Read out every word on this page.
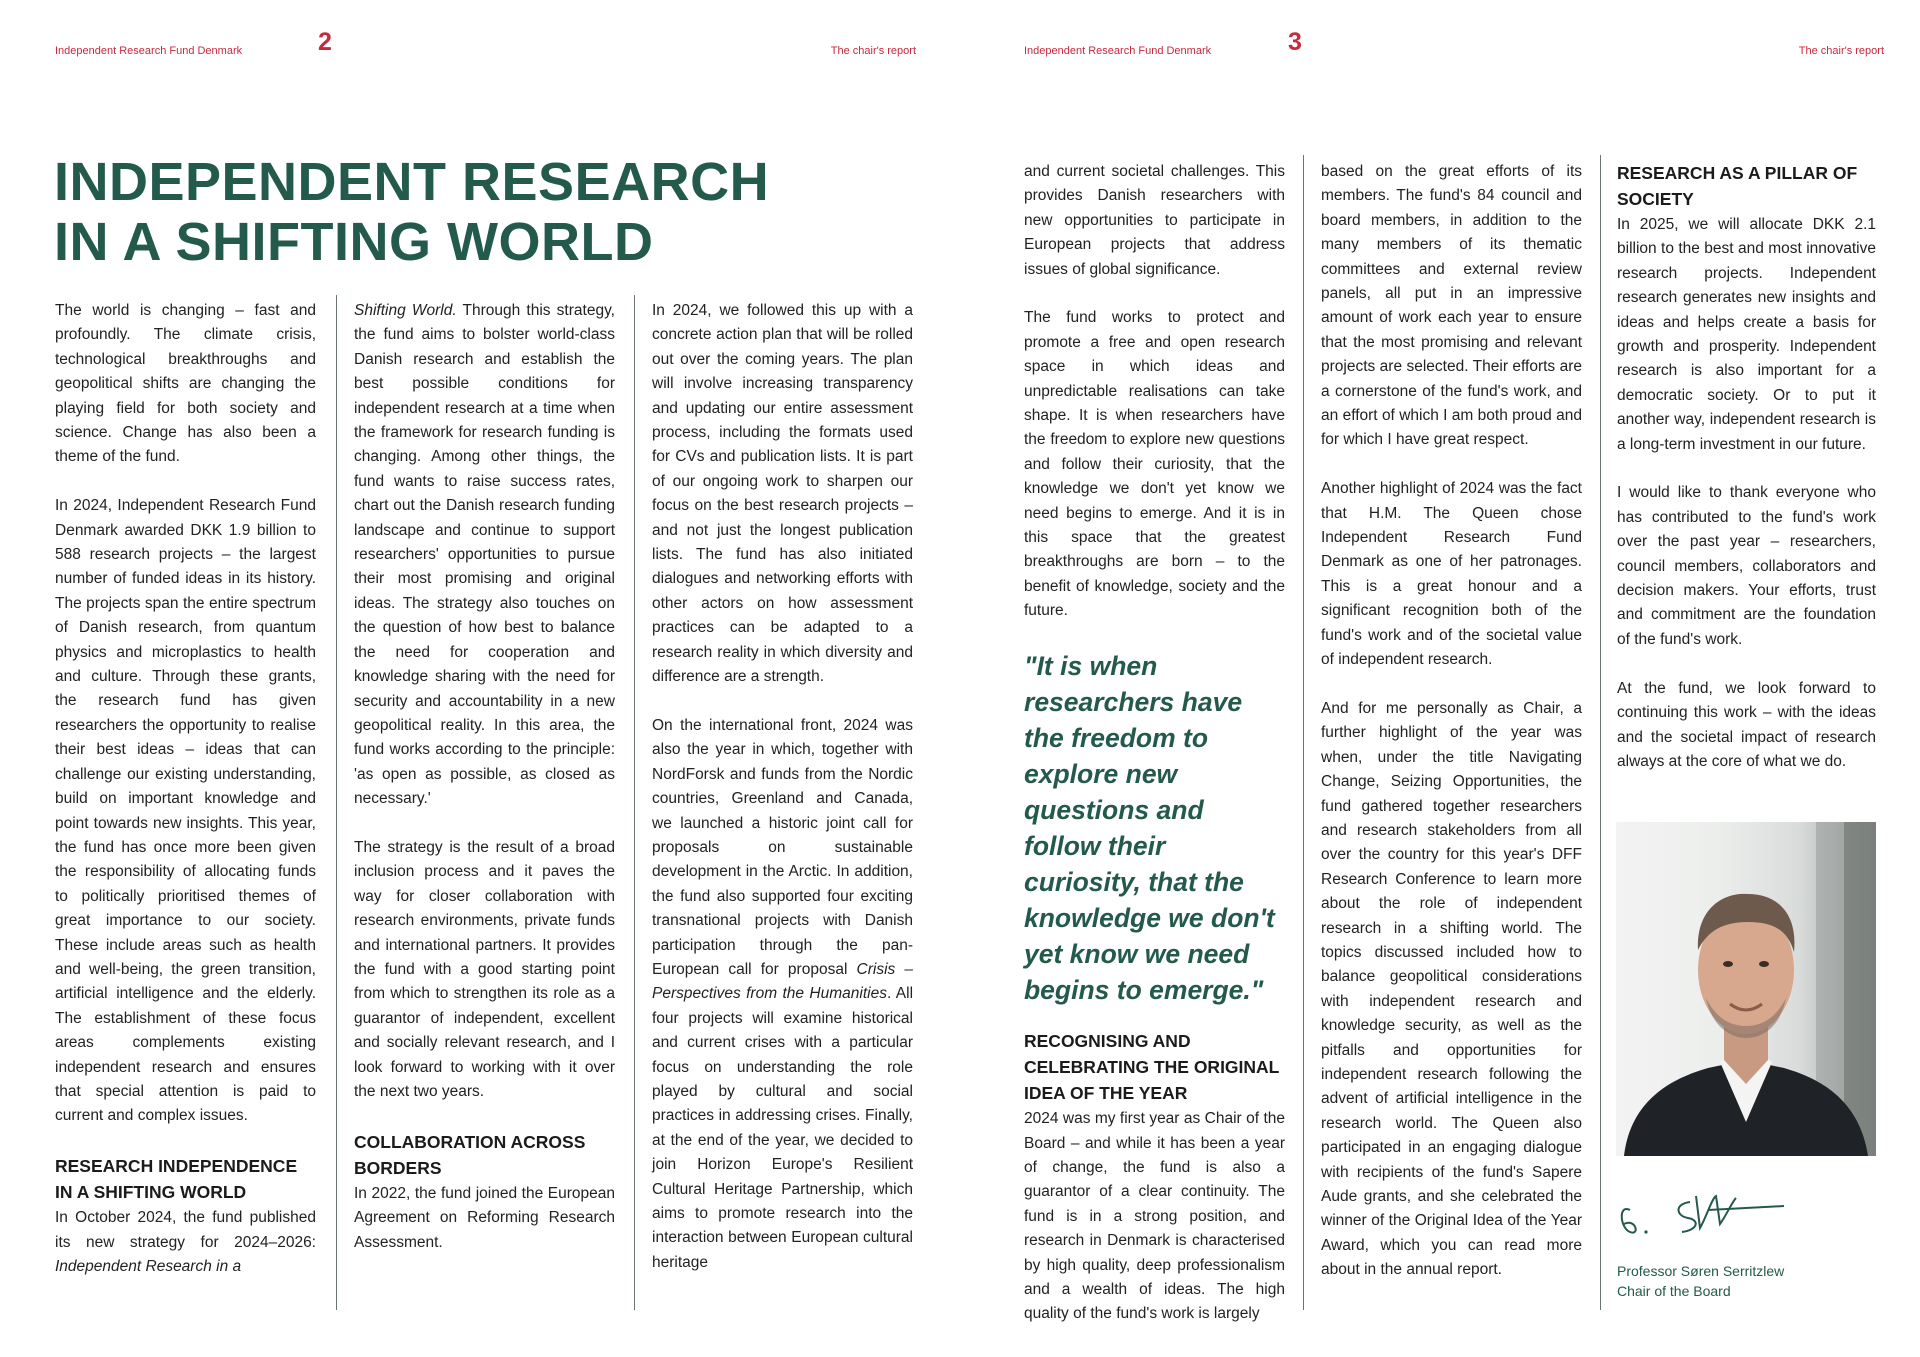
Independent Research Fund Denmark	2	The chair's report
INDEPENDENT RESEARCH
IN A SHIFTING WORLD

The world is changing – fast and profoundly. The climate crisis, technological breakthroughs and geopolitical shifts are changing the playing field for both society and science. Change has also been a theme of the fund.

In 2024, Independent Research Fund Denmark awarded DKK 1.9 billion to 588 research projects – the largest number of funded ideas in its history. The projects span the entire spectrum of Danish research, from quantum physics and microplastics to health and culture. Through these grants, the research fund has given researchers the opportunity to realise their best ideas – ideas that can challenge our existing understanding, build on important knowledge and point towards new insights. This year, the fund has once more been given the responsibility of allocating funds to politically prioritised themes of great importance to our society. These include areas such as health and well-being, the green transition, artificial intelligence and the elderly. The establishment of these focus areas complements existing independent research and ensures that special attention is paid to current and complex issues.

RESEARCH INDEPENDENCE IN A SHIFTING WORLD

In October 2024, the fund published its new strategy for 2024–2026: Independent Research in a

Shifting World. Through this strategy, the fund aims to bolster world-class Danish research and establish the best possible conditions for independent research at a time when the framework for research funding is changing. Among other things, the fund wants to raise success rates, chart out the Danish research funding landscape and continue to support researchers' opportunities to pursue their most promising and original ideas. The strategy also touches on the question of how best to balance the need for cooperation and knowledge sharing with the need for security and accountability in a new geopolitical reality. In this area, the fund works according to the principle: 'as open as possible, as closed as necessary.'

The strategy is the result of a broad inclusion process and it paves the way for closer collaboration with research environments, private funds and international partners. It provides the fund with a good starting point from which to strengthen its role as a guarantor of independent, excellent and socially relevant research, and I look forward to working with it over the next two years.

COLLABORATION ACROSS BORDERS

In 2022, the fund joined the European Agreement on Reforming Research Assessment.

In 2024, we followed this up with a concrete action plan that will be rolled out over the coming years. The plan will involve increasing transparency and updating our entire assessment process, including the formats used for CVs and publication lists. It is part of our ongoing work to sharpen our focus on the best research projects – and not just the longest publication lists. The fund has also initiated dialogues and networking efforts with other actors on how assessment practices can be adapted to a research reality in which diversity and difference are a strength.

On the international front, 2024 was also the year in which, together with NordForsk and funds from the Nordic countries, Greenland and Canada, we launched a historic joint call for proposals on sustainable development in the Arctic. In addition, the fund also supported four exciting transnational projects with Danish participation through the pan-European call for proposal Crisis – Perspectives from the Humanities. All four projects will examine historical and current crises with a particular focus on understanding the role played by cultural and social practices in addressing crises. Finally, at the end of the year, we decided to join Horizon Europe's Resilient Cultural Heritage Partnership, which aims to promote research into the interaction between European cultural heritage

Independent Research Fund Denmark	3	The chair's report

and current societal challenges. This provides Danish researchers with new opportunities to participate in European projects that address issues of global significance.

The fund works to protect and promote a free and open research space in which ideas and unpredictable realisations can take shape. It is when researchers have the freedom to explore new questions and follow their curiosity, that the knowledge we don't yet know we need begins to emerge. And it is in this space that the greatest breakthroughs are born – to the benefit of knowledge, society and the future.

"It is when researchers have the freedom to explore new questions and follow their curiosity, that the knowledge we don't yet know we need begins to emerge."
RECOGNISING AND CELEBRATING THE ORIGINAL IDEA OF THE YEAR

2024 was my first year as Chair of the Board – and while it has been a year of change, the fund is also a guarantor of a clear continuity. The fund is in a strong position, and research in Denmark is characterised by high quality, deep professionalism and a wealth of ideas. The high quality of the fund's work is largely

based on the great efforts of its members. The fund's 84 council and board members, in addition to the many members of its thematic committees and external review panels, all put in an impressive amount of work each year to ensure that the most promising and relevant projects are selected. Their efforts are a cornerstone of the fund's work, and an effort of which I am both proud and for which I have great respect.

Another highlight of 2024 was the fact that H.M. The Queen chose Independent Research Fund Denmark as one of her patronages. This is a great honour and a significant recognition both of the fund's work and of the societal value of independent research.

And for me personally as Chair, a further highlight of the year was when, under the title Navigating Change, Seizing Opportunities, the fund gathered together researchers and research stakeholders from all over the country for this year's DFF Research Conference to learn more about the role of independent research in a shifting world. The topics discussed included how to balance geopolitical considerations with independent research and knowledge security, as well as the pitfalls and opportunities for independent research following the advent of artificial intelligence in the research world. The Queen also participated in an engaging dialogue with recipients of the fund's Sapere Aude grants, and she celebrated the winner of the Original Idea of the Year Award, which you can read more about in the annual report.

RESEARCH AS A PILLAR OF SOCIETY

In 2025, we will allocate DKK 2.1 billion to the best and most innovative research projects. Independent research generates new insights and ideas and helps create a basis for growth and prosperity. Independent research is also important for a democratic society. Or to put it another way, independent research is a long-term investment in our future.

I would like to thank everyone who has contributed to the fund's work over the past year – researchers, council members, collaborators and decision makers. Your efforts, trust and commitment are the foundation of the fund's work.

At the fund, we look forward to continuing this work – with the ideas and the societal impact of research always at the core of what we do.

Professor Søren Serritzlew
Chair of the Board
